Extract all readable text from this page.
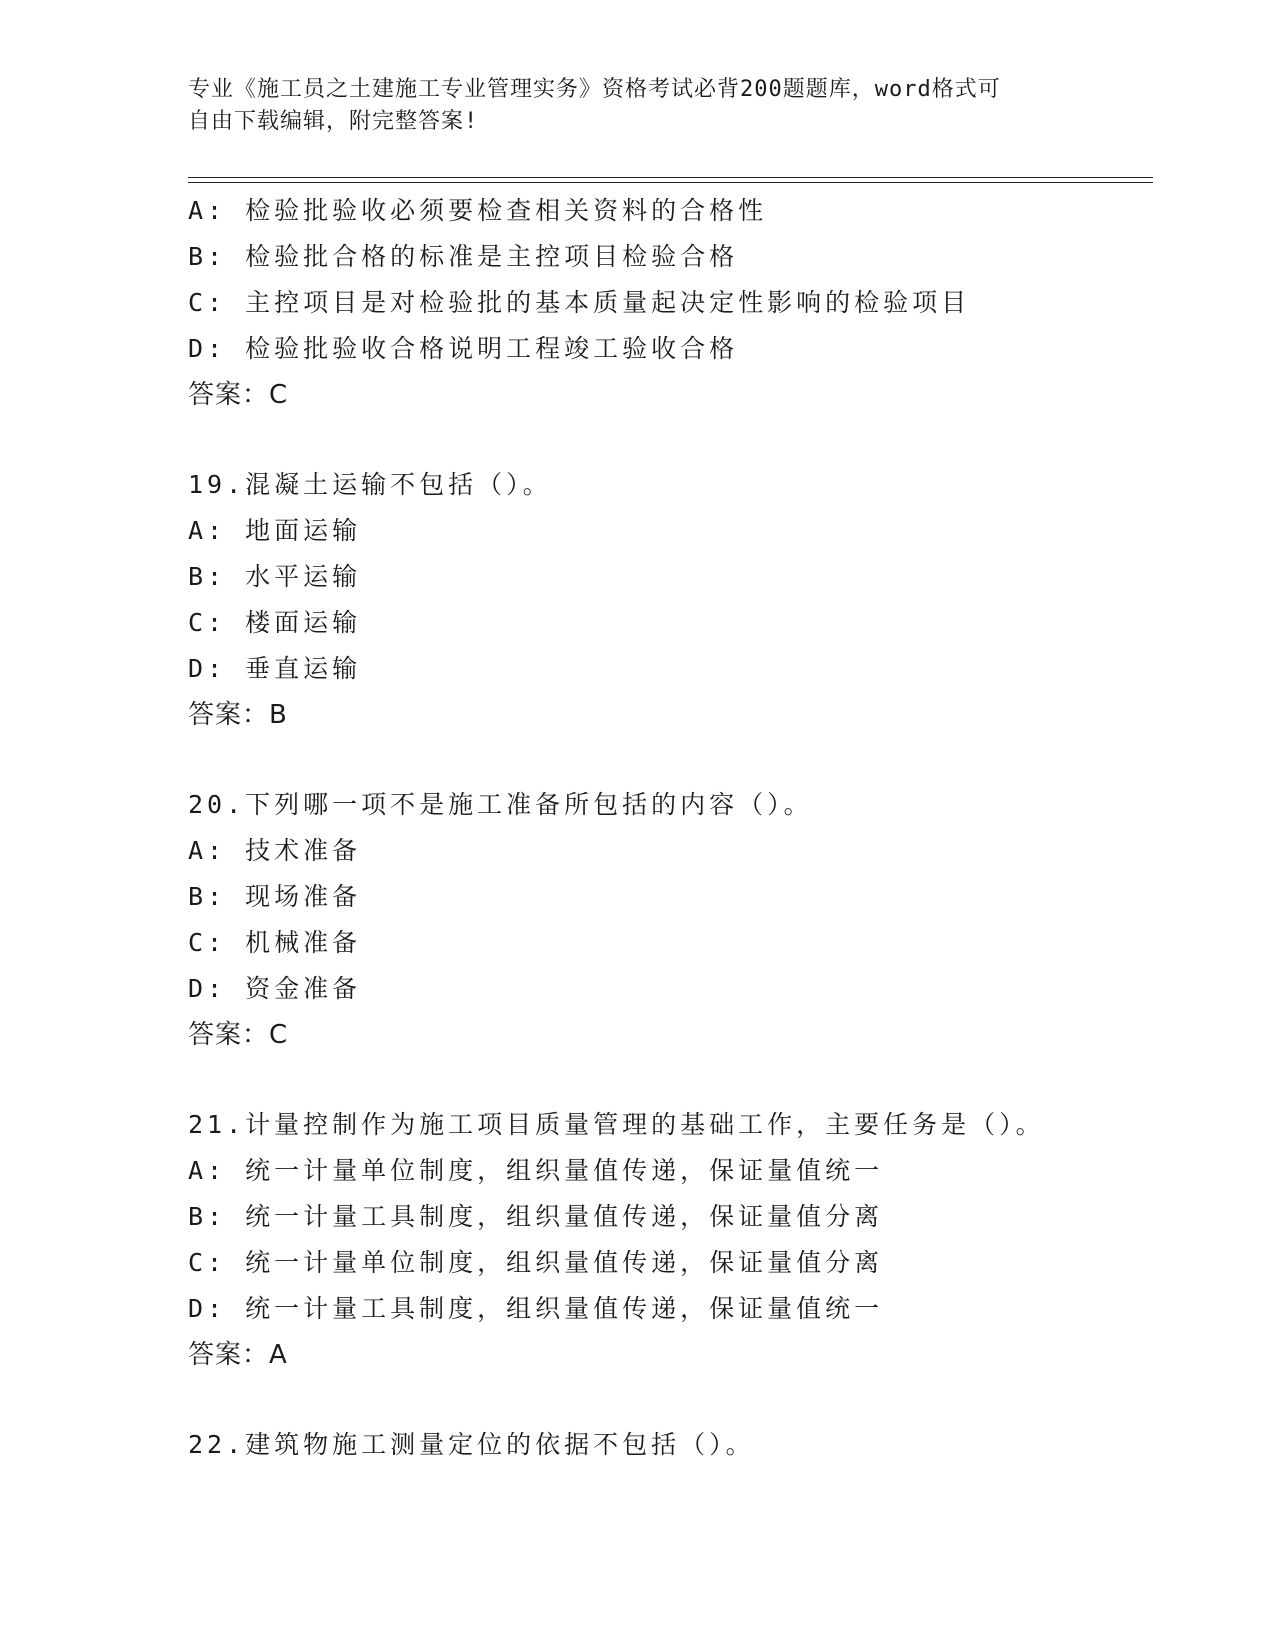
专业《施工员之土建施工专业管理实务》资格考试必背200题题库，word格式可
自由下载编辑，附完整答案!
A: 检验批验收必须要检查相关资料的合格性
B: 检验批合格的标准是主控项目检验合格
C: 主控项目是对检验批的基本质量起决定性影响的检验项目
D: 检验批验收合格说明工程竣工验收合格
答案：C
19.混凝土运输不包括（）。
A: 地面运输
B: 水平运输
C: 楼面运输
D: 垂直运输
答案：B
20.下列哪一项不是施工准备所包括的内容（）。
A: 技术准备
B: 现场准备
C: 机械准备
D: 资金准备
答案：C
21.计量控制作为施工项目质量管理的基础工作，主要任务是（）。
A: 统一计量单位制度，组织量值传递，保证量值统一
B: 统一计量工具制度，组织量值传递，保证量值分离
C: 统一计量单位制度，组织量值传递，保证量值分离
D: 统一计量工具制度，组织量值传递，保证量值统一
答案：A
22.建筑物施工测量定位的依据不包括（）。
